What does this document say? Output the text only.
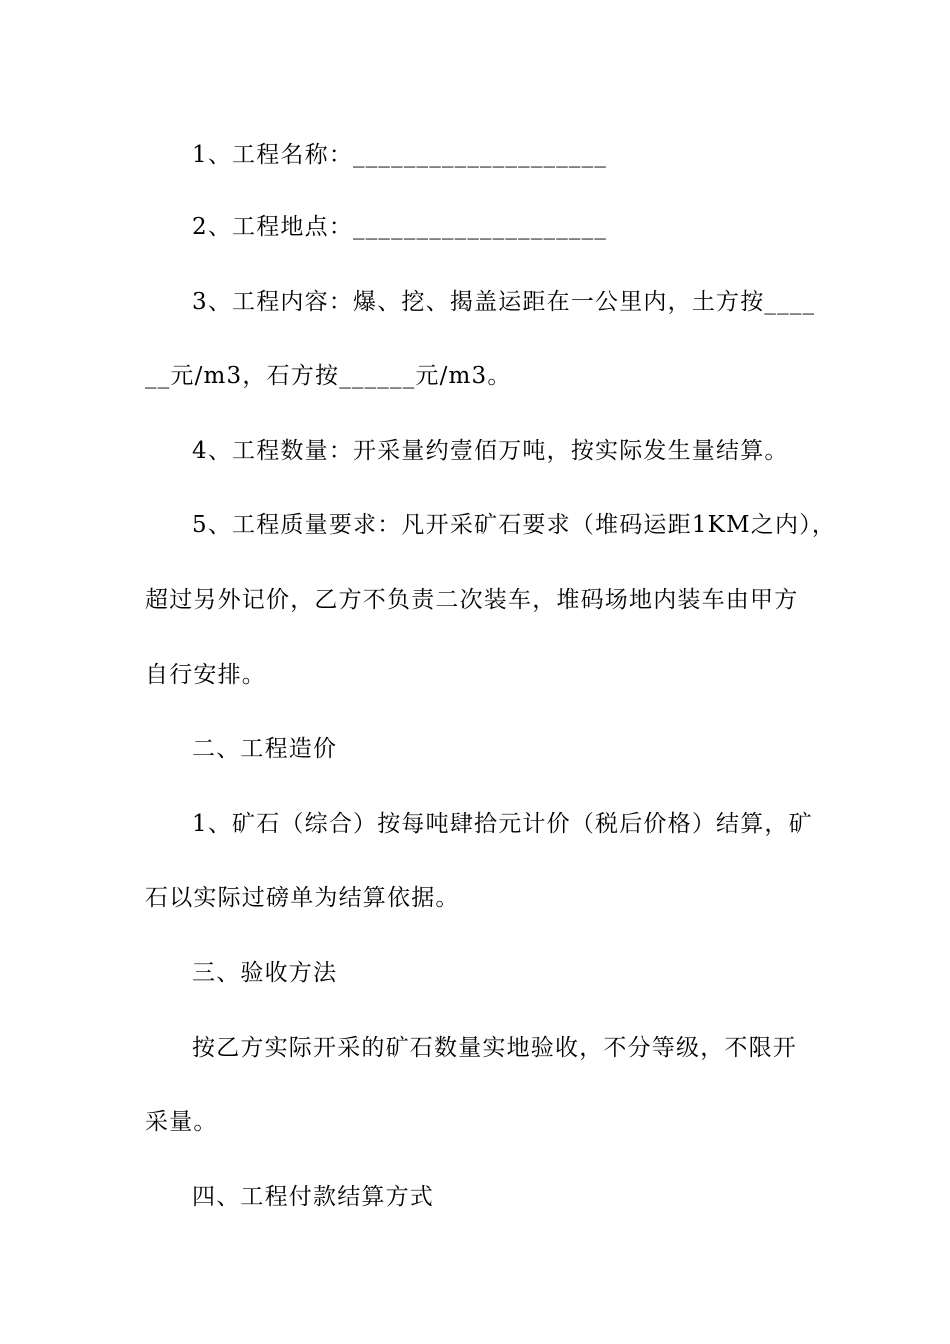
1、工程名称：____________________
2、工程地点：____________________
3、工程内容：爆、挖、揭盖运距在一公里内，土方按____
__元/m3，石方按______元/m3。
4、工程数量：开采量约壹佰万吨，按实际发生量结算。
5、工程质量要求：凡开采矿石要求（堆码运距1KM之内），
超过另外记价，乙方不负责二次装车，堆码场地内装车由甲方
自行安排。
二、工程造价
1、矿石（综合）按每吨肆拾元计价（税后价格）结算，矿
石以实际过磅单为结算依据。
三、验收方法
按乙方实际开采的矿石数量实地验收，不分等级，不限开
采量。
四、工程付款结算方式
